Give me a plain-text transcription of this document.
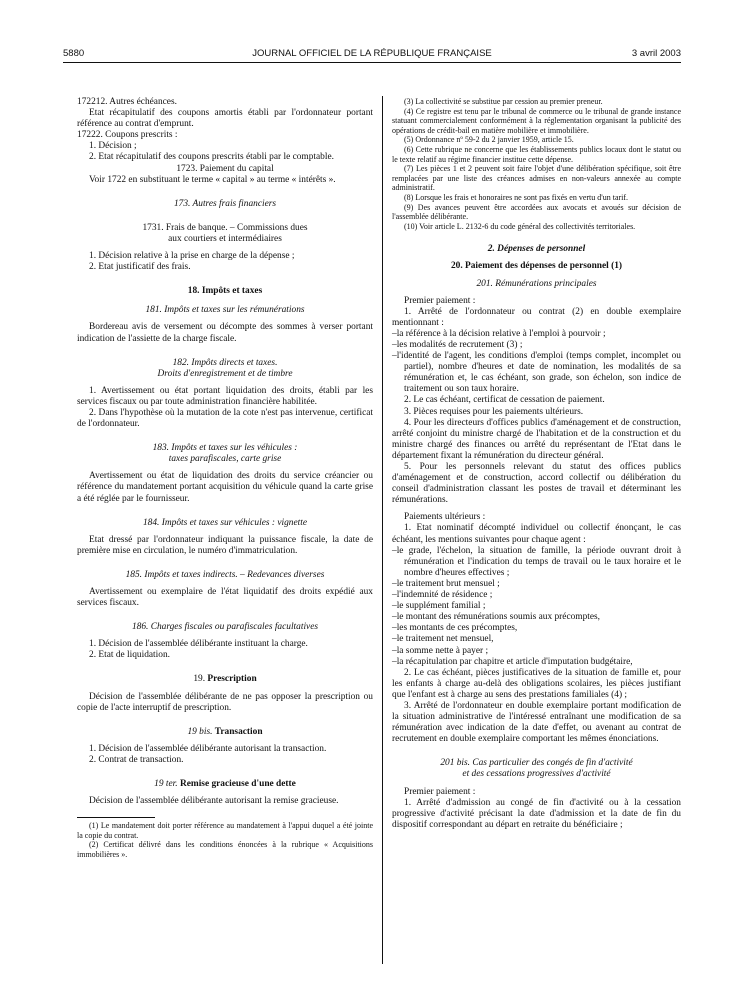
5880	JOURNAL OFFICIEL DE LA RÉPUBLIQUE FRANÇAISE	3 avril 2003

172212. Autres échéances.

Etat récapitulatif des coupons amortis établi par l'ordonnateur portant référence au contrat d'emprunt.

17222. Coupons prescrits :

1. Décision ;

2. Etat récapitulatif des coupons prescrits établi par le comptable.

1723. Paiement du capital

Voir 1722 en substituant le terme « capital » au terme « intérêts ».

173. Autres frais financiers

1731. Frais de banque. – Commissions dues

aux courtiers et intermédiaires

1. Décision relative à la prise en charge de la dépense ;

2. Etat justificatif des frais.

18. Impôts et taxes

181. Impôts et taxes sur les rémunérations

Bordereau avis de versement ou décompte des sommes à verser portant indication de l'assiette de la charge fiscale.

182. Impôts directs et taxes.

Droits d'enregistrement et de timbre

1. Avertissement ou état portant liquidation des droits, établi par les services fiscaux ou par toute administration financière habilitée.

2. Dans l'hypothèse où la mutation de la cote n'est pas intervenue, certificat de l'ordonnateur.

183. Impôts et taxes sur les véhicules :

taxes parafiscales, carte grise

Avertissement ou état de liquidation des droits du service créancier ou référence du mandatement portant acquisition du véhicule quand la carte grise a été réglée par le fournisseur.

184. Impôts et taxes sur véhicules : vignette

Etat dressé par l'ordonnateur indiquant la puissance fiscale, la date de première mise en circulation, le numéro d'immatriculation.

185. Impôts et taxes indirects. – Redevances diverses

Avertissement ou exemplaire de l'état liquidatif des droits expédié aux services fiscaux.

186. Charges fiscales ou parafiscales facultatives

1. Décision de l'assemblée délibérante instituant la charge.

2. Etat de liquidation.

19. Prescription

Décision de l'assemblée délibérante de ne pas opposer la prescription ou copie de l'acte interruptif de prescription.

19 bis. Transaction

1. Décision de l'assemblée délibérante autorisant la transaction.

2. Contrat de transaction.

19 ter. Remise gracieuse d'une dette

Décision de l'assemblée délibérante autorisant la remise gracieuse.

(1) Le mandatement doit porter référence au mandatement à l'appui duquel a été jointe la copie du contrat.

(2) Certificat délivré dans les conditions énoncées à la rubrique « Acquisitions immobilières ».

(3) La collectivité se substitue par cession au premier preneur.

(4) Ce registre est tenu par le tribunal de commerce ou le tribunal de grande instance statuant commercialement conformément à la réglementation organisant la publicité des opérations de crédit-bail en matière mobilière et immobilière.

(5) Ordonnance nº 59-2 du 2 janvier 1959, article 15.

(6) Cette rubrique ne concerne que les établissements publics locaux dont le statut ou le texte relatif au régime financier institue cette dépense.

(7) Les pièces 1 et 2 peuvent soit faire l'objet d'une délibération spécifique, soit être remplacées par une liste des créances admises en non-valeurs annexée au compte administratif.

(8) Lorsque les frais et honoraires ne sont pas fixés en vertu d'un tarif.

(9) Des avances peuvent être accordées aux avocats et avoués sur décision de l'assemblée délibérante.

(10) Voir article L. 2132-6 du code général des collectivités territoriales.

2. Dépenses de personnel

20. Paiement des dépenses de personnel (1)

201. Rémunérations principales

Premier paiement :

1. Arrêté de l'ordonnateur ou contrat (2) en double exemplaire mentionnant :

– la référence à la décision relative à l'emploi à pourvoir ;

– les modalités de recrutement (3) ;

– l'identité de l'agent, les conditions d'emploi (temps complet, incomplet ou partiel), nombre d'heures et date de nomination, les modalités de sa rémunération et, le cas échéant, son grade, son échelon, son indice de traitement ou son taux horaire.

2. Le cas échéant, certificat de cessation de paiement.

3. Pièces requises pour les paiements ultérieurs.

4. Pour les directeurs d'offices publics d'aménagement et de construction, arrêté conjoint du ministre chargé de l'habitation et de la construction et du ministre chargé des finances ou arrêté du représentant de l'Etat dans le département fixant la rémunération du directeur général.

5. Pour les personnels relevant du statut des offices publics d'aménagement et de construction, accord collectif ou délibération du conseil d'administration classant les postes de travail et déterminant les rémunérations.

Paiements ultérieurs :

1. Etat nominatif décompté individuel ou collectif énonçant, le cas échéant, les mentions suivantes pour chaque agent :

– le grade, l'échelon, la situation de famille, la période ouvrant droit à rémunération et l'indication du temps de travail ou le taux horaire et le nombre d'heures effectives ;

– le traitement brut mensuel ;

– l'indemnité de résidence ;

– le supplément familial ;

– le montant des rémunérations soumis aux précomptes,

– les montants de ces précomptes,

– le traitement net mensuel,

– la somme nette à payer ;

– la récapitulation par chapitre et article d'imputation budgétaire,

2. Le cas échéant, pièces justificatives de la situation de famille et, pour les enfants à charge au-delà des obligations scolaires, les pièces justifiant que l'enfant est à charge au sens des prestations familiales (4) ;

3. Arrêté de l'ordonnateur en double exemplaire portant modification de la situation administrative de l'intéressé entraînant une modification de sa rémunération avec indication de la date d'effet, ou avenant au contrat de recrutement en double exemplaire comportant les mêmes énonciations.

201 bis. Cas particulier des congés de fin d'activité

et des cessations progressives d'activité

Premier paiement :

1. Arrêté d'admission au congé de fin d'activité ou à la cessation progressive d'activité précisant la date d'admission et la date de fin du dispositif correspondant au départ en retraite du bénéficiaire ;
